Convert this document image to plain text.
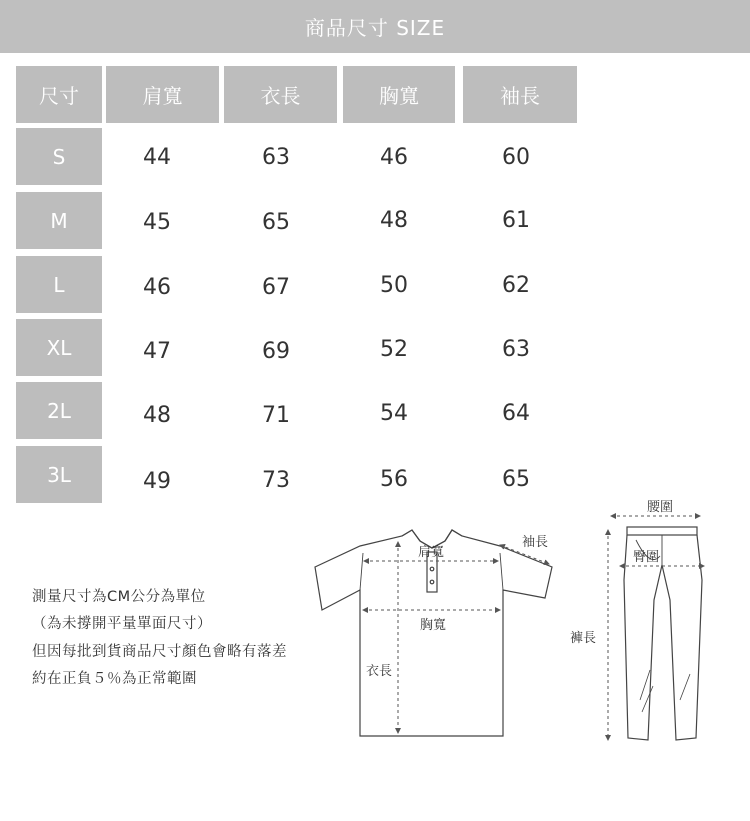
商品尺寸 SIZE
尺寸	肩寬	衣長	胸寬	袖長
S	44	63	46	60
M	45	65	48	61
L	46	67	50	62
XL	47	69	52	63
2L	48	71	54	64
3L	49	73	56	65
測量尺寸為CM公分為單位
（為未撐開平量單面尺寸）
但因每批到貨商品尺寸顏色會略有落差
約在正負５％為正常範圍
肩寬
袖長
胸寬
衣長
腰圍
臀圍
褲長
